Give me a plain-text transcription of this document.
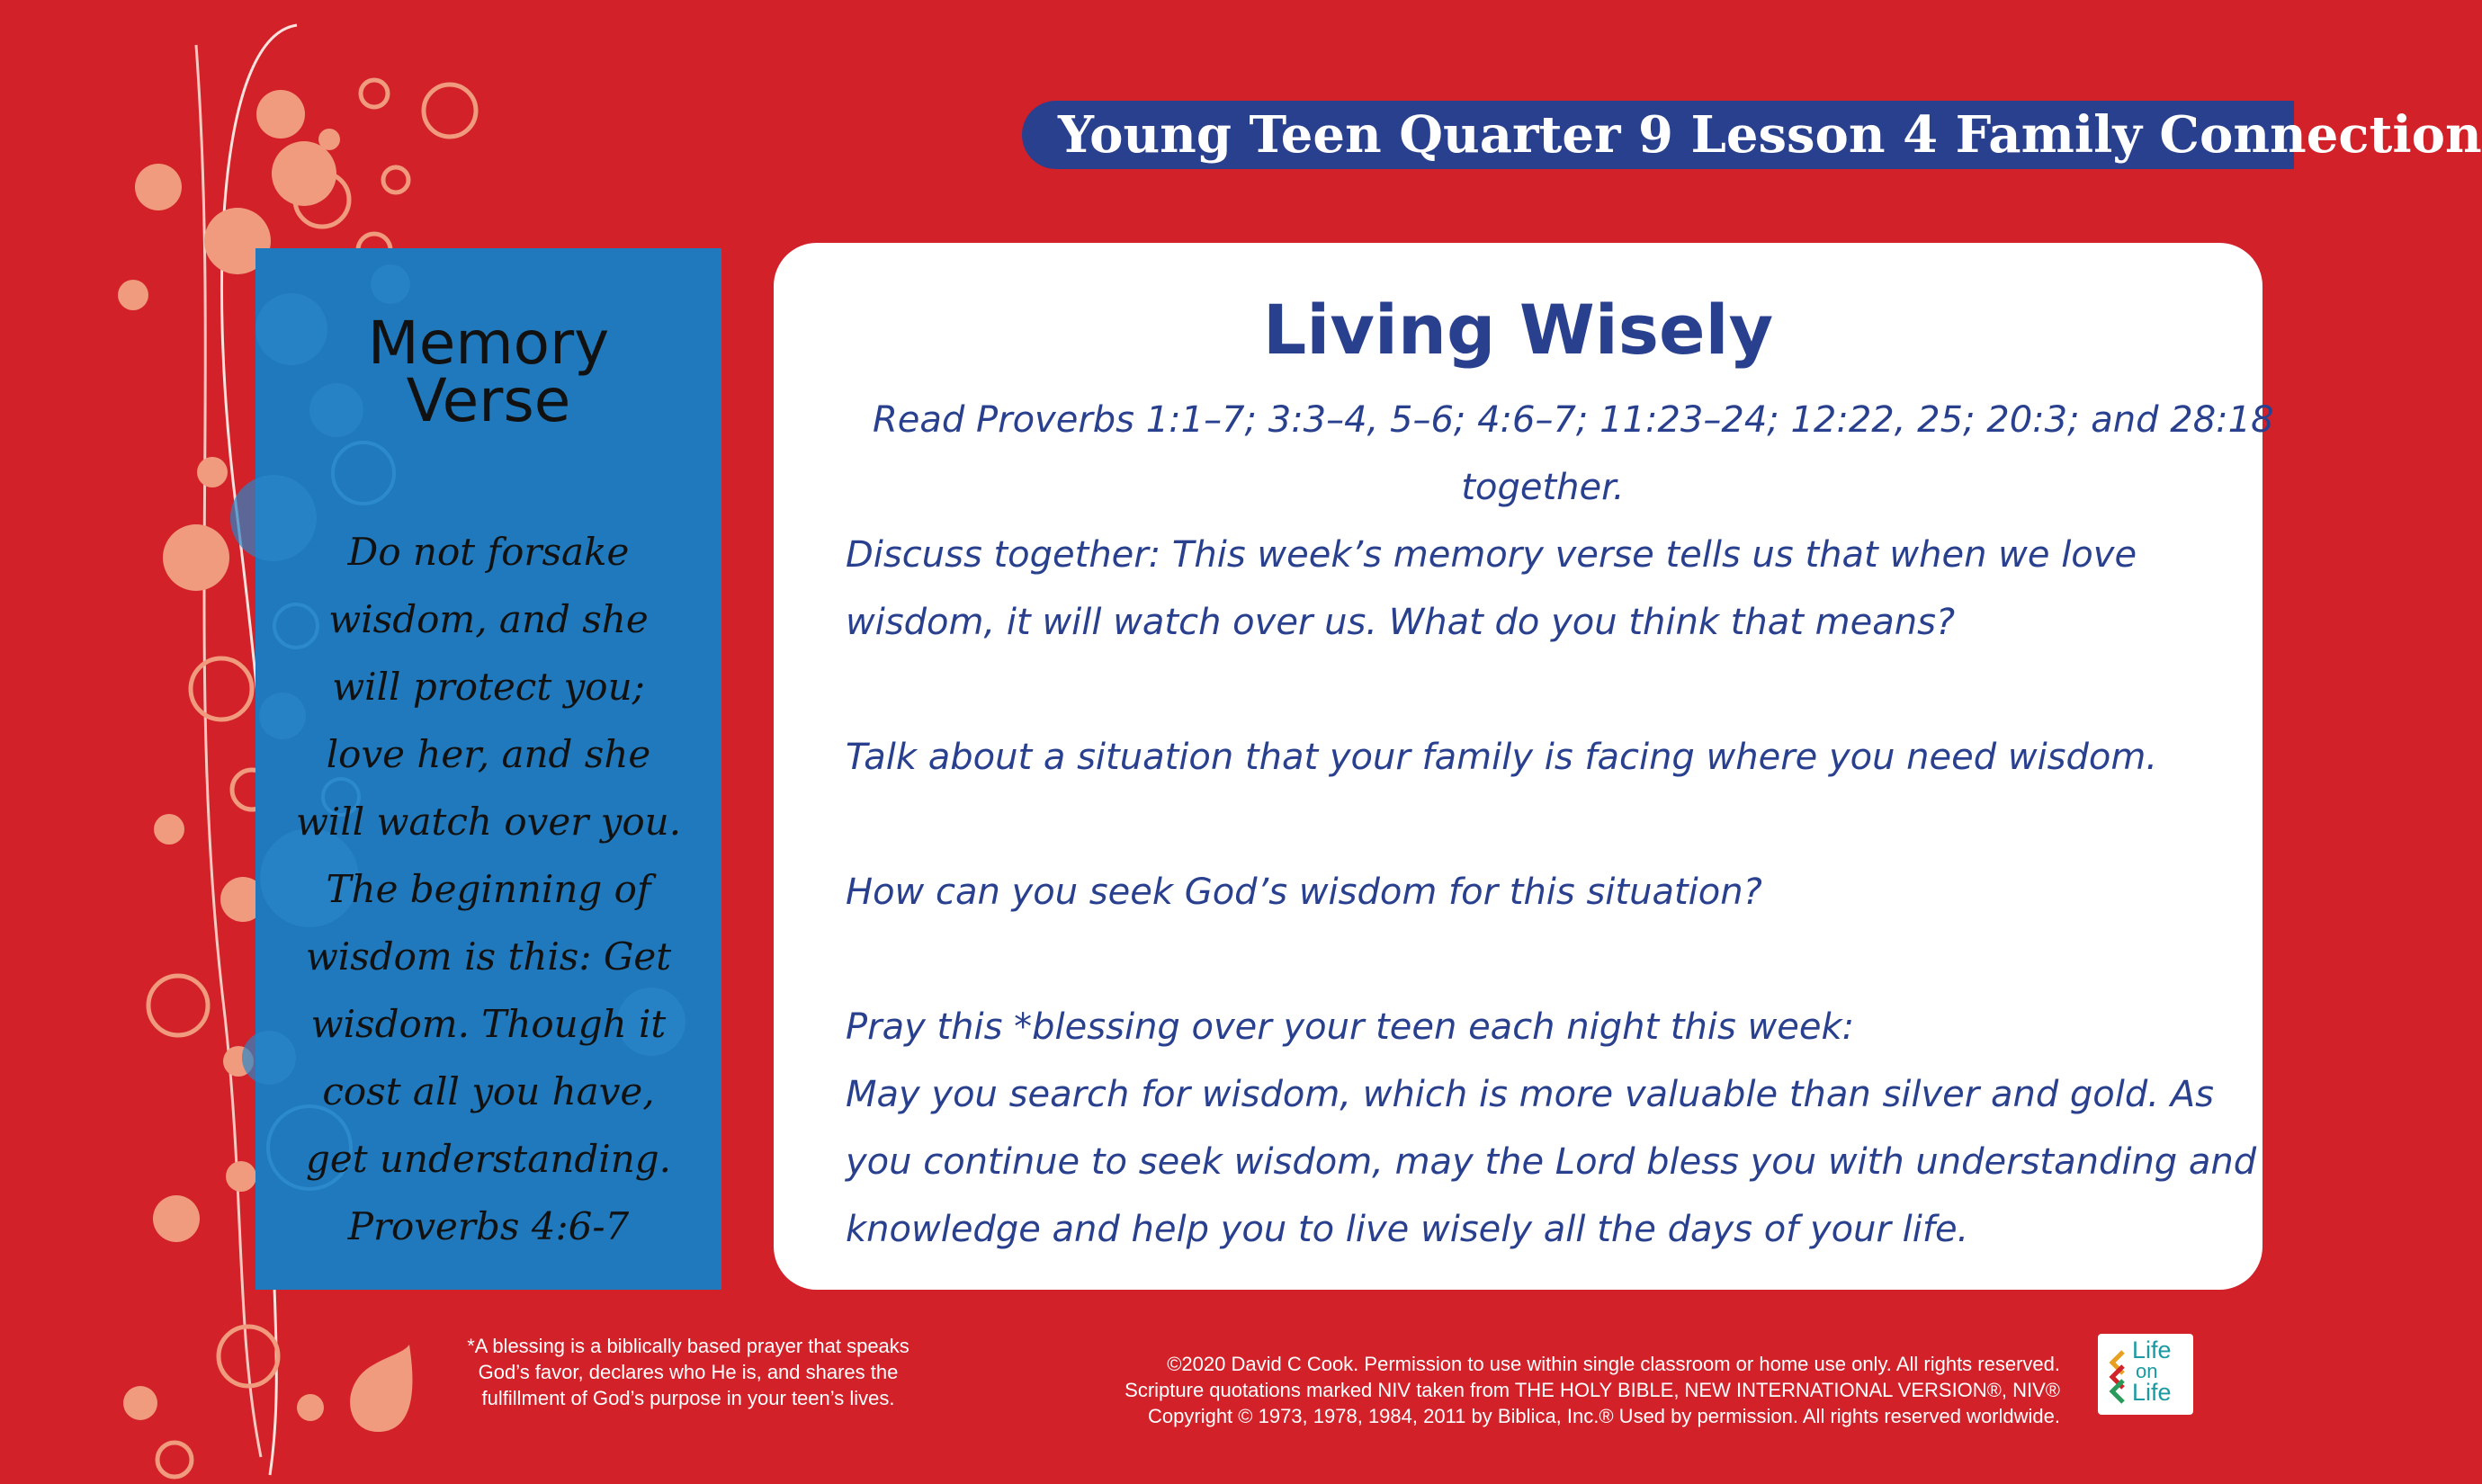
Young Teen Quarter 9 Lesson 4 Family Connection
Memory
Verse
Do not forsake
wisdom, and she
will protect you;
love her, and she
will watch over you.
The beginning of
wisdom is this: Get
wisdom. Though it
cost all you have,
get understanding.
Proverbs 4:6-7
Living Wisely
Read Proverbs 1:1–7; 3:3–4, 5–6; 4:6–7; 11:23–24; 12:22, 25; 20:3; and 28:18
together.
Discuss together: This week’s memory verse tells us that when we love
wisdom, it will watch over us. What do you think that means?
Talk about a situation that your family is facing where you need wisdom.
How can you seek God’s wisdom for this situation?
Pray this *blessing over your teen each night this week:
May you search for wisdom, which is more valuable than silver and gold. As
you continue to seek wisdom, may the Lord bless you with understanding and
knowledge and help you to live wisely all the days of your life.
*A blessing is a biblically based prayer that speaks
God’s favor, declares who He is, and shares the
fulfillment of God’s purpose in your teen’s lives.
©2020 David C Cook. Permission to use within single classroom or home use only. All rights reserved.
Scripture quotations marked NIV taken from THE HOLY BIBLE, NEW INTERNATIONAL VERSION®, NIV®
Copyright © 1973, 1978, 1984, 2011 by Biblica, Inc.® Used by permission. All rights reserved worldwide.
Life
on
Life
